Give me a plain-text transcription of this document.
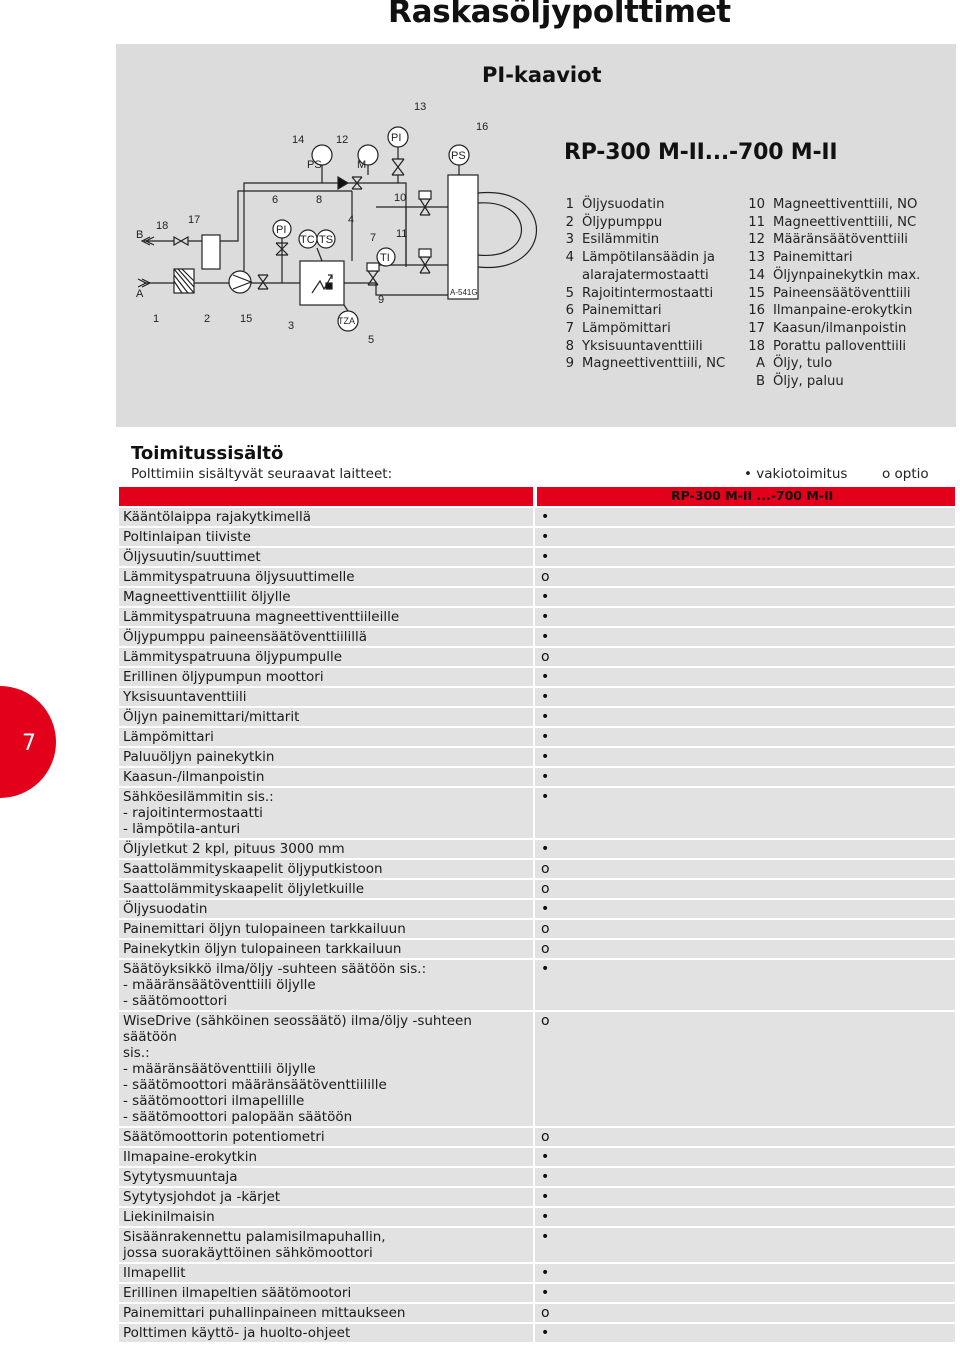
Raskasöljypolttimet
PI-kaaviot
RP-300 M-II...-700 M-II
B
A
18 17
1	2	15
3
6	8
4
7
10
11
9
5
14	12
13
16
PS	M
PI
PS
PI
TC TS
TI
TZA
A-541G
1 Öljysuodatin
2 Öljypumppu
3 Esilämmitin
4 Lämpötilansäädin ja
alarajatermostaatti
5 Rajoitintermostaatti
6 Painemittari
7 Lämpömittari
8 Yksisuuntaventtiili
9 Magneettiventtiili, NC
10 Magneettiventtiili, NO
11 Magneettiventtiili, NC
12 Määränsäätöventtiili
13 Painemittari
14 Öljynpainekytkin max.
15 Paineensäätöventtiili
16 Ilmanpaine-erokytkin
17 Kaasun/ilmanpoistin
18 Porattu palloventtiili
A Öljy, tulo
B Öljy, paluu
Toimitussisältö
Polttimiin sisältyvät seuraavat laitteet:	• vakiotoimitus	o optio
RP-300 M-II ...-700 M-II
Kääntölaippa rajakytkimellä	•
Poltinlaipan tiiviste	•
Öljysuutin/suuttimet	•
Lämmityspatruuna öljysuuttimelle	o
Magneettiventtiilit öljylle	•
Lämmityspatruuna magneettiventtiileille	•
Öljypumppu paineensäätöventtiilillä	•
Lämmityspatruuna öljypumpulle	o
Erillinen öljypumpun moottori	•
Yksisuuntaventtiili	•
Öljyn painemittari/mittarit	•
Lämpömittari	•
Paluuöljyn painekytkin	•
Kaasun-/ilmanpoistin	•
Sähköesilämmitin sis.:
- rajoitintermostaatti
- lämpötila-anturi
•
Öljyletkut 2 kpl, pituus 3000 mm	•
Saattolämmityskaapelit öljyputkistoon	o
Saattolämmityskaapelit öljyletkuille	o
Öljysuodatin	•
Painemittari öljyn tulopaineen tarkkailuun	o
Painekytkin öljyn tulopaineen tarkkailuun	o
Säätöyksikkö ilma/öljy -suhteen säätöön sis.:
- määränsäätöventtiili öljylle
- säätömoottori
•
WiseDrive (sähköinen seossäätö) ilma/öljy -suhteen säätöön
sis.:
- määränsäätöventtiili öljylle
- säätömoottori määränsäätöventtiilille
- säätömoottori ilmapellille
- säätömoottori palopään säätöön
o
Säätömoottorin potentiometri	o
Ilmapaine-erokytkin	•
Sytytysmuuntaja	•
Sytytysjohdot ja -kärjet	•
Liekinilmaisin	•
Sisäänrakennettu palamisilmapuhallin,
jossa suorakäyttöinen sähkömoottori
•
Ilmapellit	•
Erillinen ilmapeltien säätömootori	•
Painemittari puhallinpaineen mittaukseen	o
Polttimen käyttö- ja huolto-ohjeet	•
7
